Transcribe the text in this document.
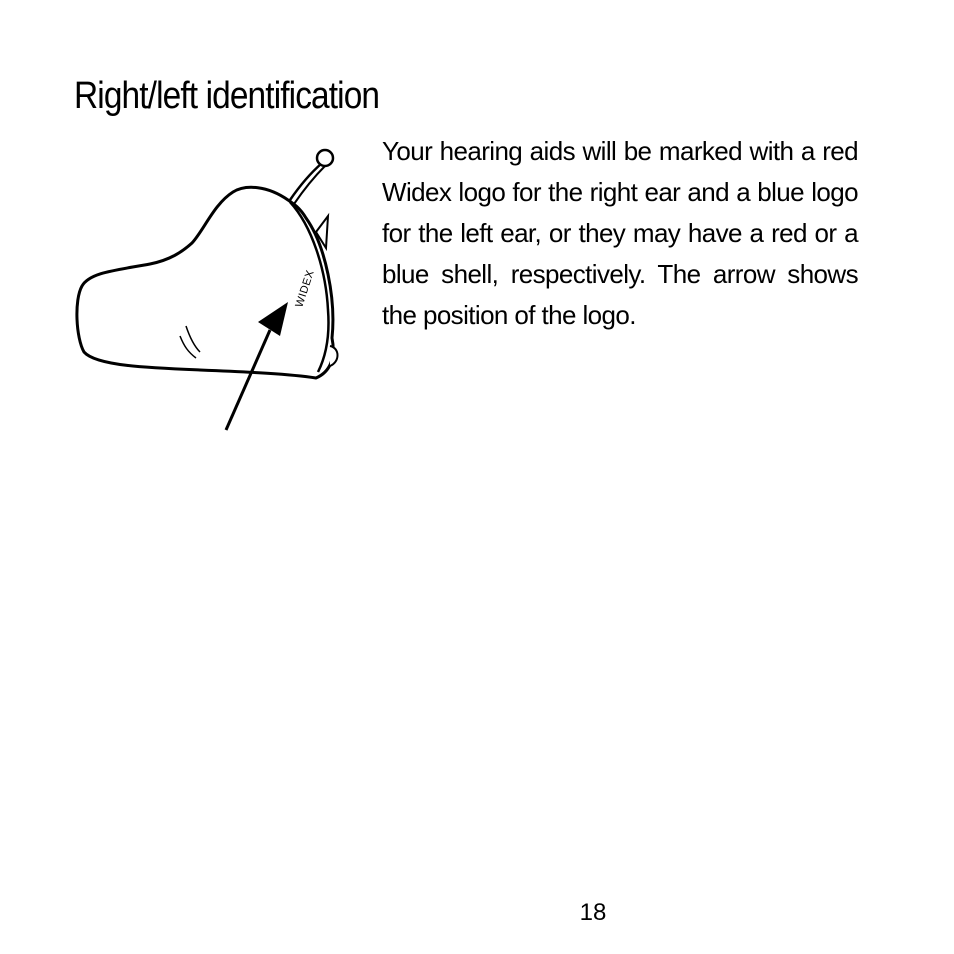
Right/left identification
WIDEX

Your hearing aids will be marked with a red Widex logo for the right ear and a blue logo for the left ear, or they may have a red or a blue shell, respectively. The arrow shows the position of the logo.

18
